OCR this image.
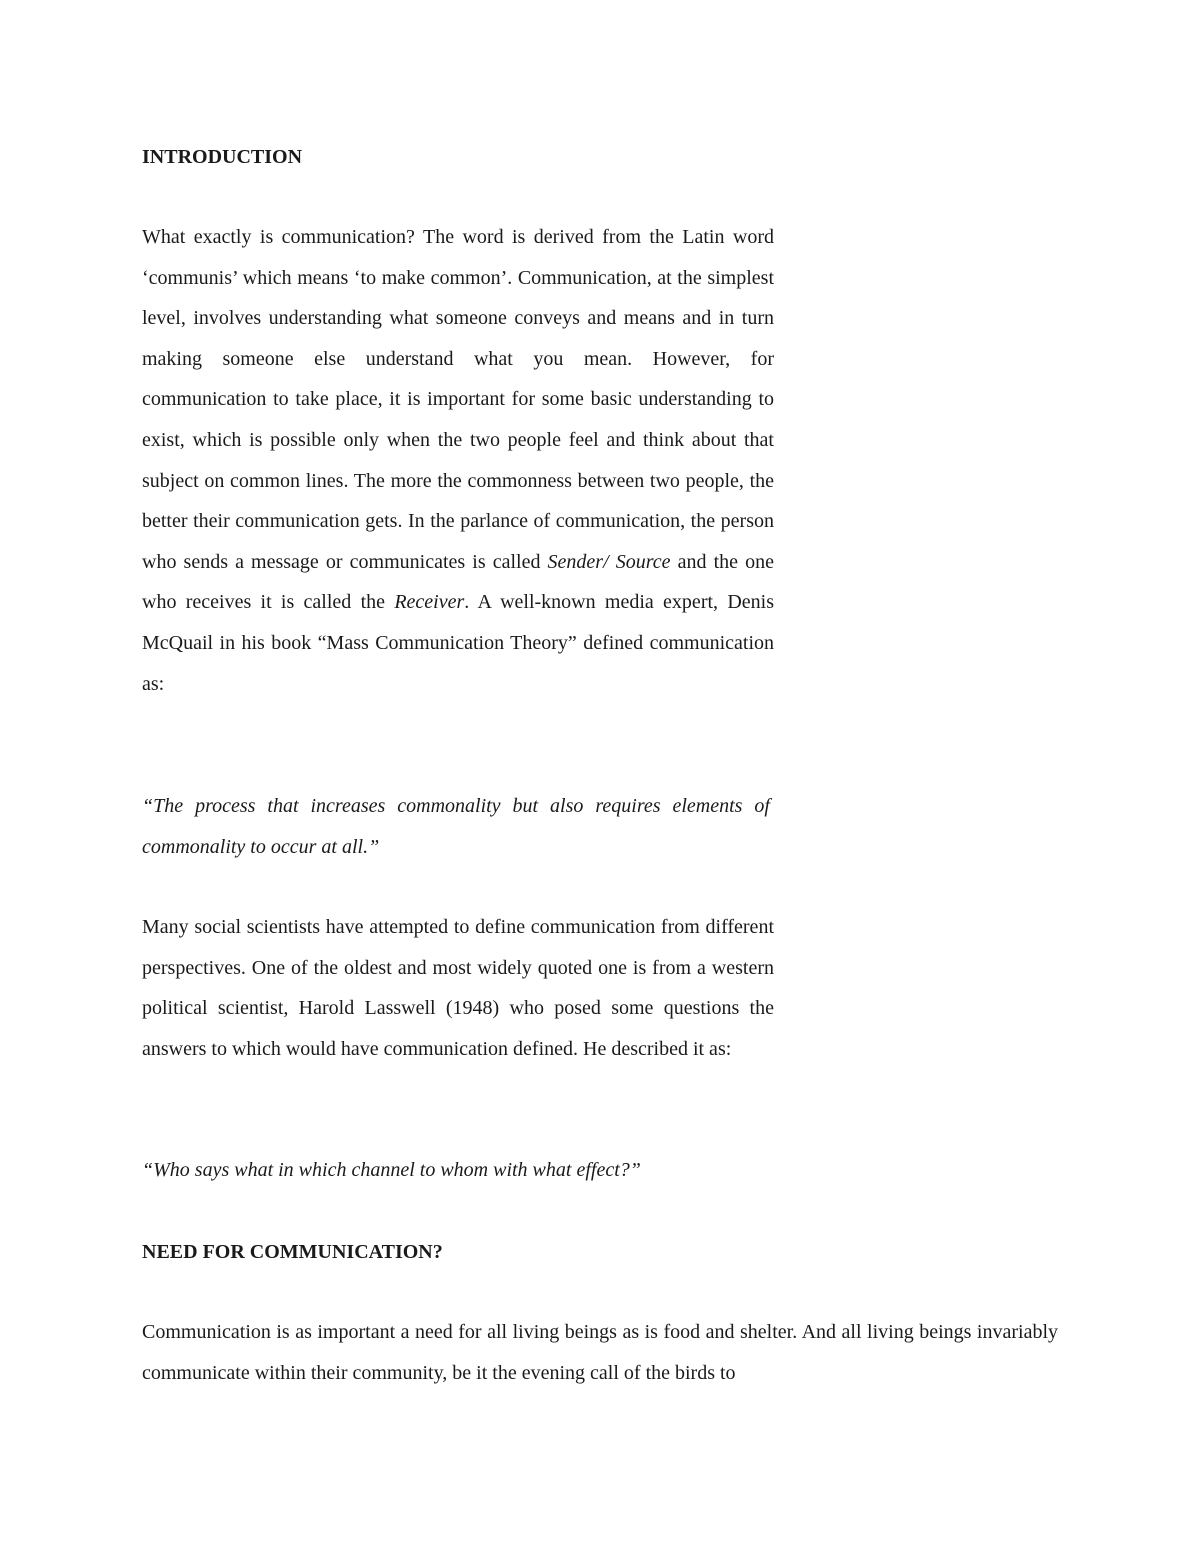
INTRODUCTION

What exactly is communication? The word is derived from the Latin word ‘communis’ which means ‘to make common’. Communication, at the simplest level, involves understanding what someone conveys and means and in turn making someone else understand what you mean. However, for communication to take place, it is important for some basic understanding to exist, which is possible only when the two people feel and think about that subject on common lines. The more the commonness between two people, the better their communication gets. In the parlance of communication, the person who sends a message or communicates is called Sender/ Source and the one who receives it is called the Receiver. A well-known media expert, Denis McQuail in his book “Mass Communication Theory” defined communication as:

“The process that increases commonality but also requires elements of commonality to occur at all.”

Many social scientists have attempted to define communication from different perspectives. One of the oldest and most widely quoted one is from a western political scientist, Harold Lasswell (1948) who posed some questions the answers to which would have communication defined. He described it as:

“Who says what in which channel to whom with what effect?”

NEED FOR COMMUNICATION?

Communication is as important a need for all living beings as is food and shelter. And all living beings invariably communicate within their community, be it the evening call of the birds to
